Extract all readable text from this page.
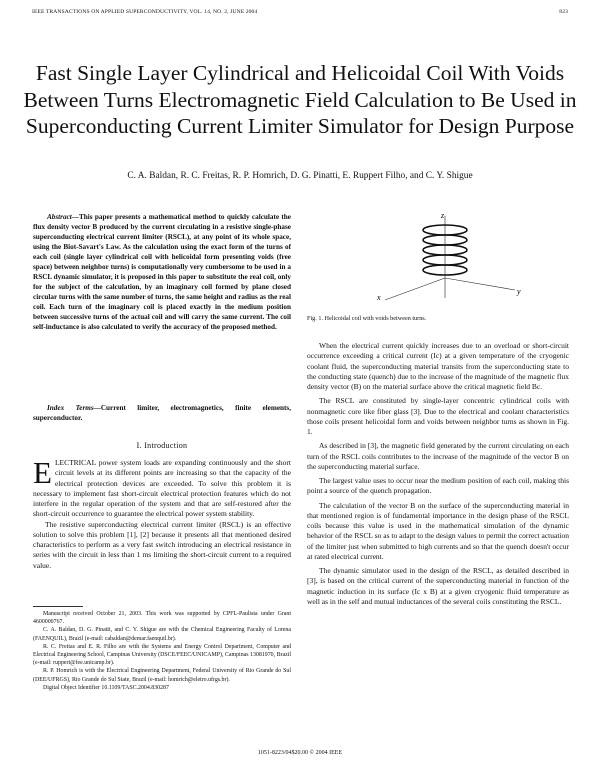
IEEE TRANSACTIONS ON APPLIED SUPERCONDUCTIVITY, VOL. 14, NO. 2, JUNE 2004	823
Fast Single Layer Cylindrical and Helicoidal Coil With Voids Between Turns Electromagnetic Field Calculation to Be Used in Superconducting Current Limiter Simulator for Design Purpose
C. A. Baldan, R. C. Freitas, R. P. Homrich, D. G. Pinatti, E. Ruppert Filho, and C. Y. Shigue

Abstract—This paper presents a mathematical method to quickly calculate the flux density vector B produced by the current circulating in a resistive single-phase superconducting electrical current limiter (RSCL), at any point of its whole space, using the Biot-Savart's Law. As the calculation using the exact form of the turns of each coil (single layer cylindrical coil with helicoidal form presenting voids (free space) between neighbor turns) is computationally very cumbersome to be used in a RSCL dynamic simulator, it is proposed in this paper to substitute the real coil, only for the subject of the calculation, by an imaginary coil formed by plane closed circular turns with the same number of turns, the same height and radius as the real coil. Each turn of the imaginary coil is placed exactly in the medium position between successive turns of the actual coil and will carry the same current. The coil self-inductance is also calculated to verify the accuracy of the proposed method.

Index Terms—Current limiter, electromagnetics, finite elements, superconductor.

I. Introduction

ELECTRICAL power system loads are expanding continuously and the short circuit levels at its different points are increasing so that the capacity of the electrical protection devices are exceeded. To solve this problem it is necessary to implement fast short-circuit electrical protection features which do not interfere in the regular operation of the system and that are self-restored after the short-circuit occurrence to guarantee the electrical power system stability.

The resistive superconducting electrical current limiter (RSCL) is an effective solution to solve this problem [1], [2] because it presents all that mentioned desired characteristics to perform as a very fast switch introducing an electrical resistance in series with the circuit in less than 1 ms limiting the short-circuit current to a required value.

Manuscript received October 21, 2003. This work was supported by CPFL-Paulista under Grant 4600000767.

C. A. Baldan, D. G. Pinatti, and C. Y. Shigue are with the Chemical Engineering Faculty of Lorena (FAENQUIL), Brazil (e-mail: cabaldan@demar.faenquil.br).

R. C. Freitas and E. R. Filho are with the Systems and Energy Control Department, Computer and Electrical Engineering School, Campinas University (DSCE/FEEC/UNICAMP), Campinas 13081970, Brazil (e-mail: ruppert@fee.unicamp.br).

R. P. Homrich is with the Electrical Engineering Department, Federal University of Rio Grande do Sul (DEE/UFRGS), Rio Grande do Sul State, Brazil (e-mail: homrich@eletro.ufrgs.br).

Digital Object Identifier 10.1109/TASC.2004.830287

z
x
y
Fig. 1. Helicoidal coil with voids between turns.

When the electrical current quickly increases due to an overload or short-circuit occurrence exceeding a critical current (Ic) at a given temperature of the cryogenic coolant fluid, the superconducting material transits from the superconducting state to the conducting state (quench) due to the increase of the magnitude of the magnetic flux density vector (B) on the material surface above the critical magnetic field Bc.

The RSCL are constituted by single-layer concentric cylindrical coils with nonmagnetic core like fiber glass [3]. Due to the electrical and coolant characteristics those coils present helicoidal form and voids between neighbor turns as shown in Fig. 1.

As described in [3], the magnetic field generated by the current circulating on each turn of the RSCL coils contributes to the increase of the magnitude of the vector B on the superconducting material surface.

The largest value uses to occur near the medium position of each coil, making this point a source of the quench propagation.

The calculation of the vector B on the surface of the superconducting material in that mentioned region is of fundamental importance in the design phase of the RSCL coils because this value is used in the mathematical simulation of the dynamic behavior of the RSCL so as to adapt to the design values to permit the correct actuation of the limiter just when submitted to high currents and so that the quench doesn't occur at rated electrical current.

The dynamic simulator used in the design of the RSCL, as detailed described in [3], is based on the critical current of the superconducting material in function of the magnetic induction in its surface (Ic x B) at a given cryogenic fluid temperature as well as in the self and mutual inductances of the several coils constituting the RSCL.

1051-8223/04$20.00 © 2004 IEEE
